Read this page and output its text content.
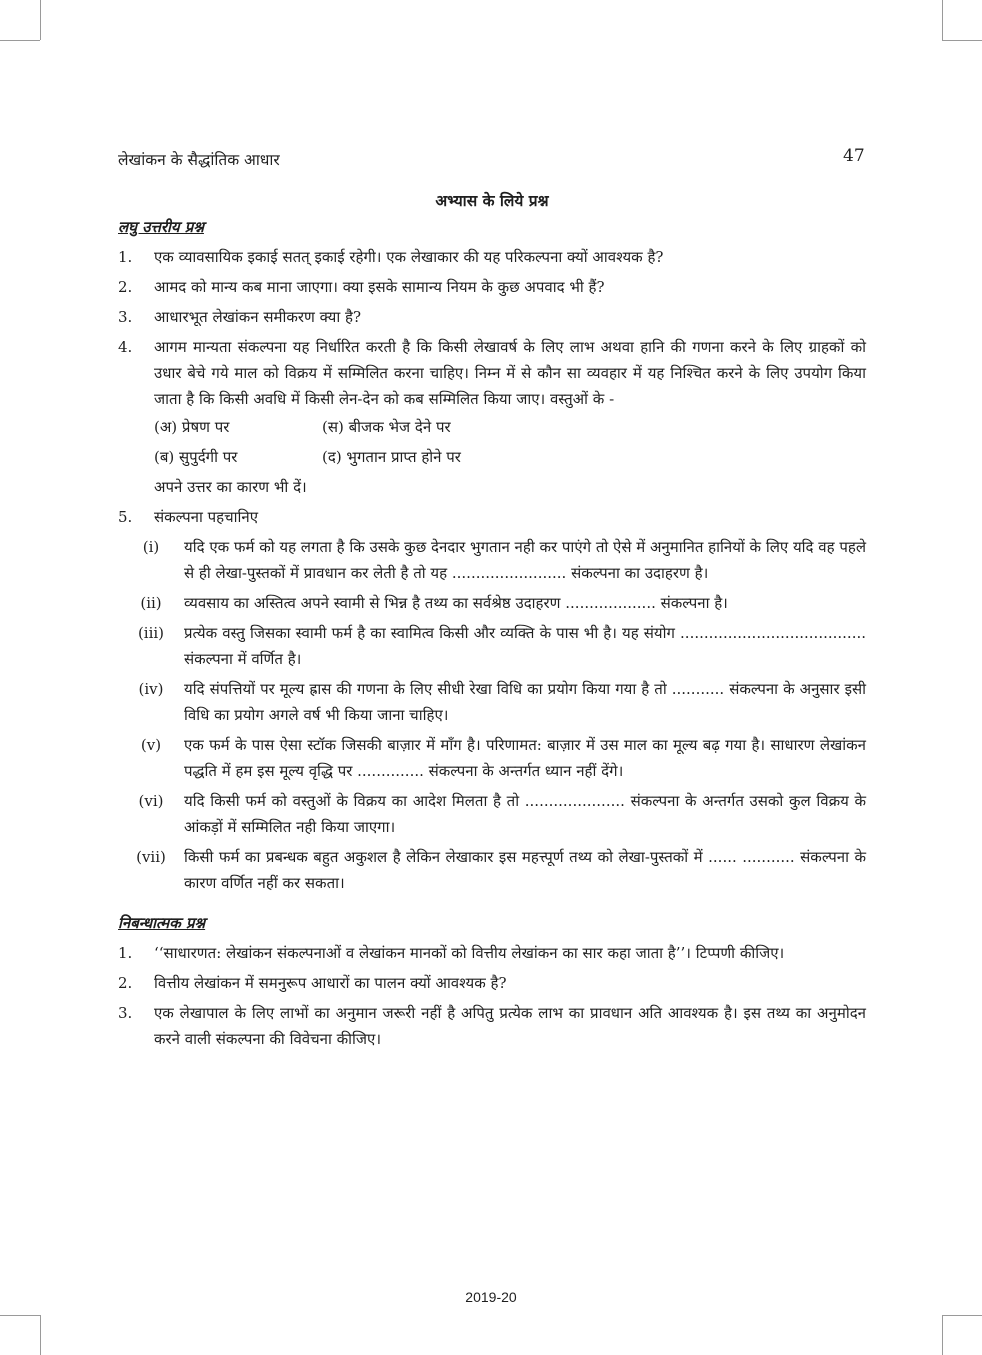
लेखांकन के सैद्धांतिक आधार	47
अभ्यास के लिये प्रश्न
लघु उत्तरीय प्रश्न
1.	एक व्यावसायिक इकाई सतत् इकाई रहेगी। एक लेखाकार की यह परिकल्पना क्यों आवश्यक है?
2.	आमद को मान्य कब माना जाएगा। क्या इसके सामान्य नियम के कुछ अपवाद भी हैं?
3.	आधारभूत लेखांकन समीकरण क्या है?
4.	आगम मान्यता संकल्पना यह निर्धारित करती है कि किसी लेखावर्ष के लिए लाभ अथवा हानि की गणना करने के लिए ग्राहकों को उधार बेचे गये माल को विक्रय में सम्मिलित करना चाहिए। निम्न में से कौन सा व्यवहार में यह निश्चित करने के लिए उपयोग किया जाता है कि किसी अवधि में किसी लेन-देन को कब सम्मिलित किया जाए। वस्तुओं के -
(अ) प्रेषण पर	(स) बीजक भेज देने पर
(ब) सुपुर्दगी पर	(द) भुगतान प्राप्त होने पर
अपने उत्तर का कारण भी दें।
5.	संकल्पना पहचानिए
(i)	यदि एक फर्म को यह लगता है कि उसके कुछ देनदार भुगतान नही कर पाएंगे तो ऐसे में अनुमानित हानियों के लिए यदि वह पहले से ही लेखा-पुस्तकों में प्रावधान कर लेती है तो यह ........................ संकल्पना का उदाहरण है।
(ii)	व्यवसाय का अस्तित्व अपने स्वामी से भिन्न है तथ्य का सर्वश्रेष्ठ उदाहरण ................... संकल्पना है।
(iii)	प्रत्येक वस्तु जिसका स्वामी फर्म है का स्वामित्व किसी और व्यक्ति के पास भी है। यह संयोग ....................................... संकल्पना में वर्णित है।
(iv)	यदि संपत्तियों पर मूल्य ह्रास की गणना के लिए सीधी रेखा विधि का प्रयोग किया गया है तो ........... संकल्पना के अनुसार इसी विधि का प्रयोग अगले वर्ष भी किया जाना चाहिए।
(v)	एक फर्म के पास ऐसा स्टॉक जिसकी बाज़ार में माँग है। परिणामत: बाज़ार में उस माल का मूल्य बढ़ गया है। साधारण लेखांकन पद्धति में हम इस मूल्य वृद्धि पर .............. संकल्पना के अन्तर्गत ध्यान नहीं देंगे।
(vi)	यदि किसी फर्म को वस्तुओं के विक्रय का आदेश मिलता है तो ..................... संकल्पना के अन्तर्गत उसको कुल विक्रय के आंकड़ों में सम्मिलित नही किया जाएगा।
(vii)	किसी फर्म का प्रबन्धक बहुत अकुशल है लेकिन लेखाकार इस महत्त्पूर्ण तथ्य को लेखा-पुस्तकों में ...... ........... संकल्पना के कारण वर्णित नहीं कर सकता।
निबन्धात्मक प्रश्न
1.	‘‘साधारणत: लेखांकन संकल्पनाओं व लेखांकन मानकों को वित्तीय लेखांकन का सार कहा जाता है’’। टिप्पणी कीजिए।
2.	वित्तीय लेखांकन में समनुरूप आधारों का पालन क्यों आवश्यक है?
3.	एक लेखापाल के लिए लाभों का अनुमान जरूरी नहीं है अपितु प्रत्येक लाभ का प्रावधान अति आवश्यक है। इस तथ्य का अनुमोदन करने वाली संकल्पना की विवेचना कीजिए।
2019-20
